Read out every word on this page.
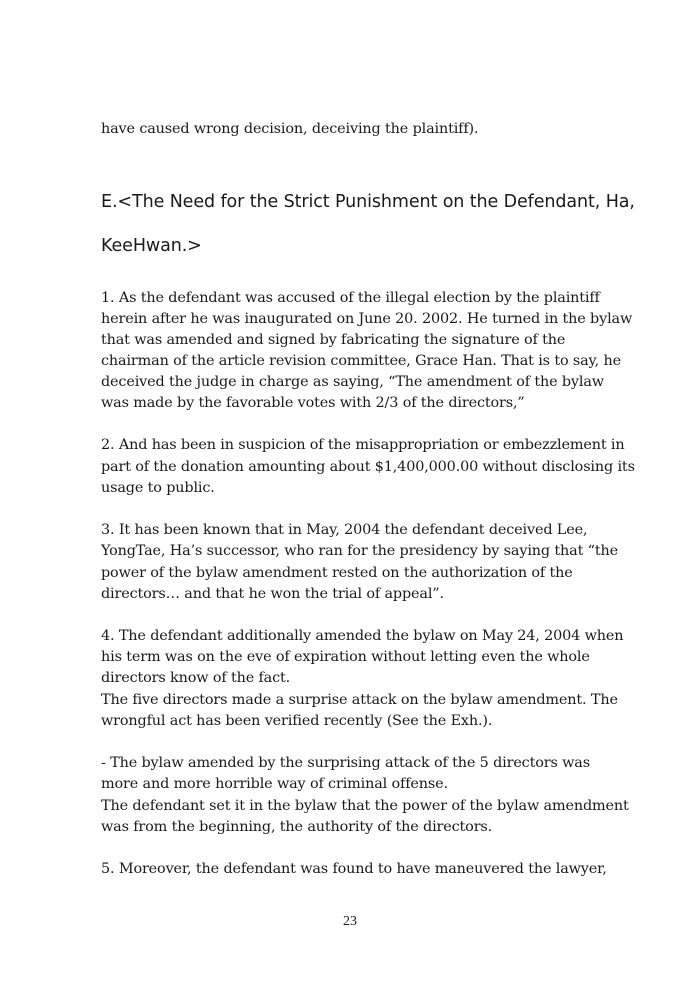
have caused wrong decision, deceiving the plaintiff).
E.<The Need for the Strict Punishment on the Defendant, Ha,
KeeHwan.>
1. As the defendant was accused of the illegal election by the plaintiff
herein after he was inaugurated on June 20. 2002. He turned in the bylaw
that was amended and signed by fabricating the signature of the
chairman of the article revision committee, Grace Han. That is to say, he
deceived the judge in charge as saying, “The amendment of the bylaw
was made by the favorable votes with 2/3 of the directors,”
2. And has been in suspicion of the misappropriation or embezzlement in
part of the donation amounting about $1,400,000.00 without disclosing its
usage to public.
3. It has been known that in May, 2004 the defendant deceived Lee,
YongTae, Ha’s successor, who ran for the presidency by saying that “the
power of the bylaw amendment rested on the authorization of the
directors… and that he won the trial of appeal”.
4. The defendant additionally amended the bylaw on May 24, 2004 when
his term was on the eve of expiration without letting even the whole
directors know of the fact.
The five directors made a surprise attack on the bylaw amendment. The
wrongful act has been verified recently (See the Exh.).
- The bylaw amended by the surprising attack of the 5 directors was
more and more horrible way of criminal offense.
The defendant set it in the bylaw that the power of the bylaw amendment
was from the beginning, the authority of the directors.
5. Moreover, the defendant was found to have maneuvered the lawyer,
23
